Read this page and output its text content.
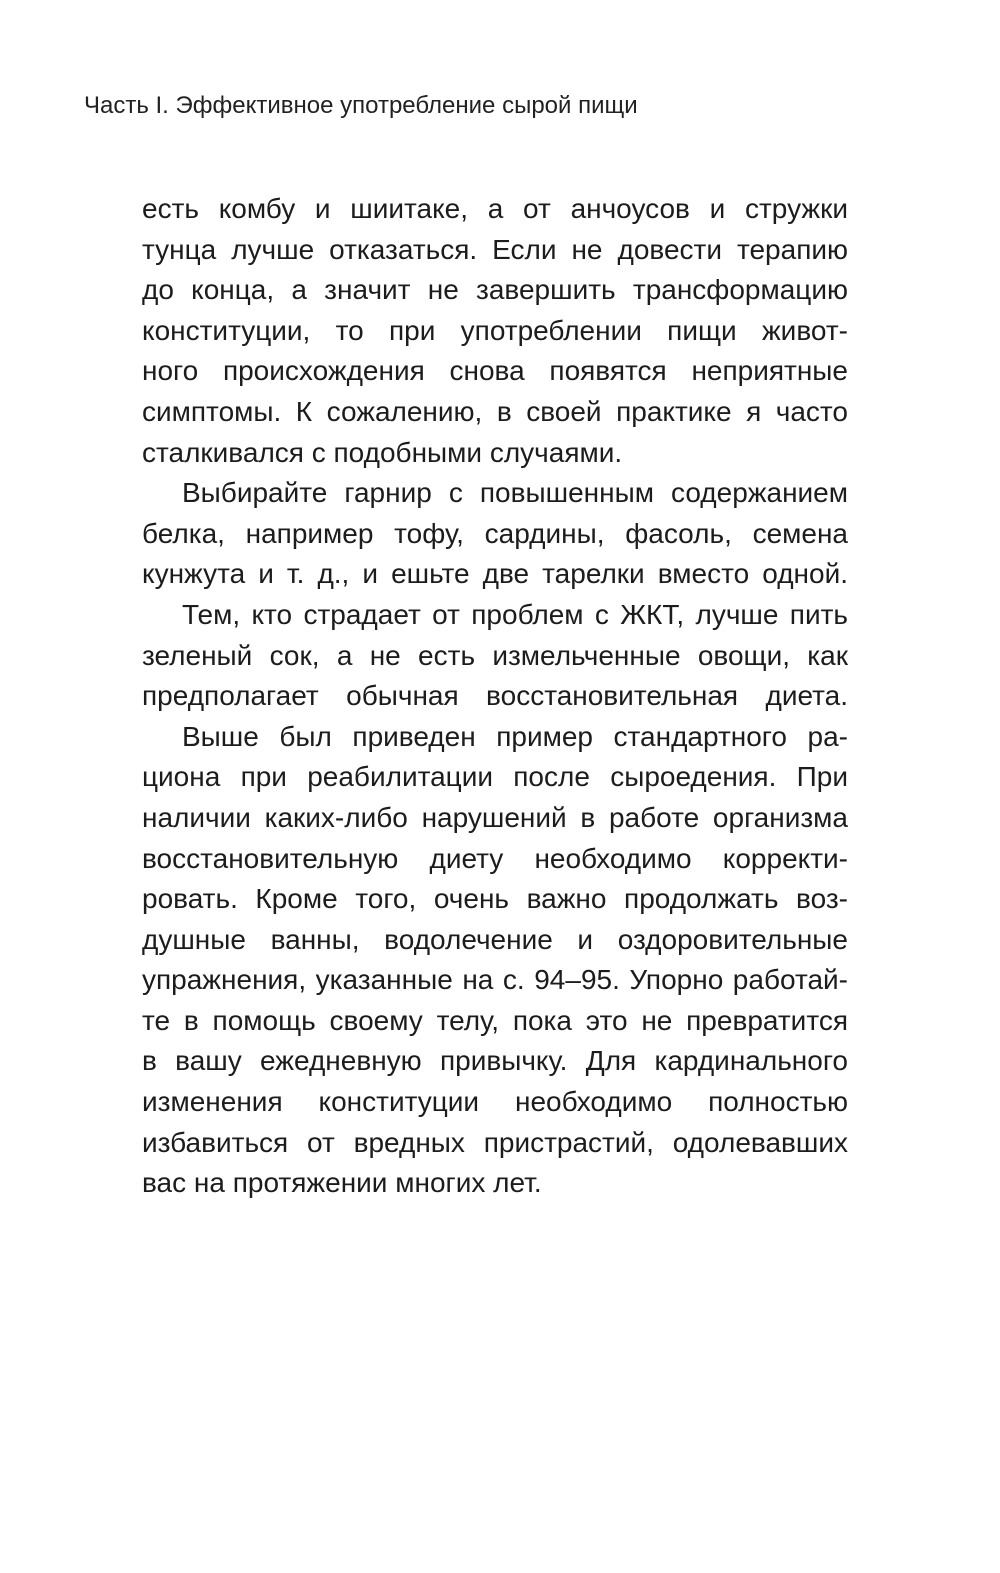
Часть I. Эффективное употребление сырой пищи
есть комбу и шиитаке, а от анчоусов и стружки
тунца лучше отказаться. Если не довести терапию
до конца, а значит не завершить трансформацию
конституции, то при употреблении пищи живот-
ного происхождения снова появятся неприятные
симптомы. К сожалению, в своей практике я часто
сталкивался с подобными случаями.
Выбирайте гарнир с повышенным содержанием
белка, например тофу, сардины, фасоль, семена
кунжута и т. д., и ешьте две тарелки вместо одной.
Тем, кто страдает от проблем с ЖКТ, лучше пить
зеленый сок, а не есть измельченные овощи, как
предполагает обычная восстановительная диета.
Выше был приведен пример стандартного ра-
циона при реабилитации после сыроедения. При
наличии каких-либо нарушений в работе организма
восстановительную диету необходимо корректи-
ровать. Кроме того, очень важно продолжать воз-
душные ванны, водолечение и оздоровительные
упражнения, указанные на с. 94–95. Упорно работай-
те в помощь своему телу, пока это не превратится
в вашу ежедневную привычку. Для кардинального
изменения конституции необходимо полностью
избавиться от вредных пристрастий, одолевавших
вас на протяжении многих лет.
